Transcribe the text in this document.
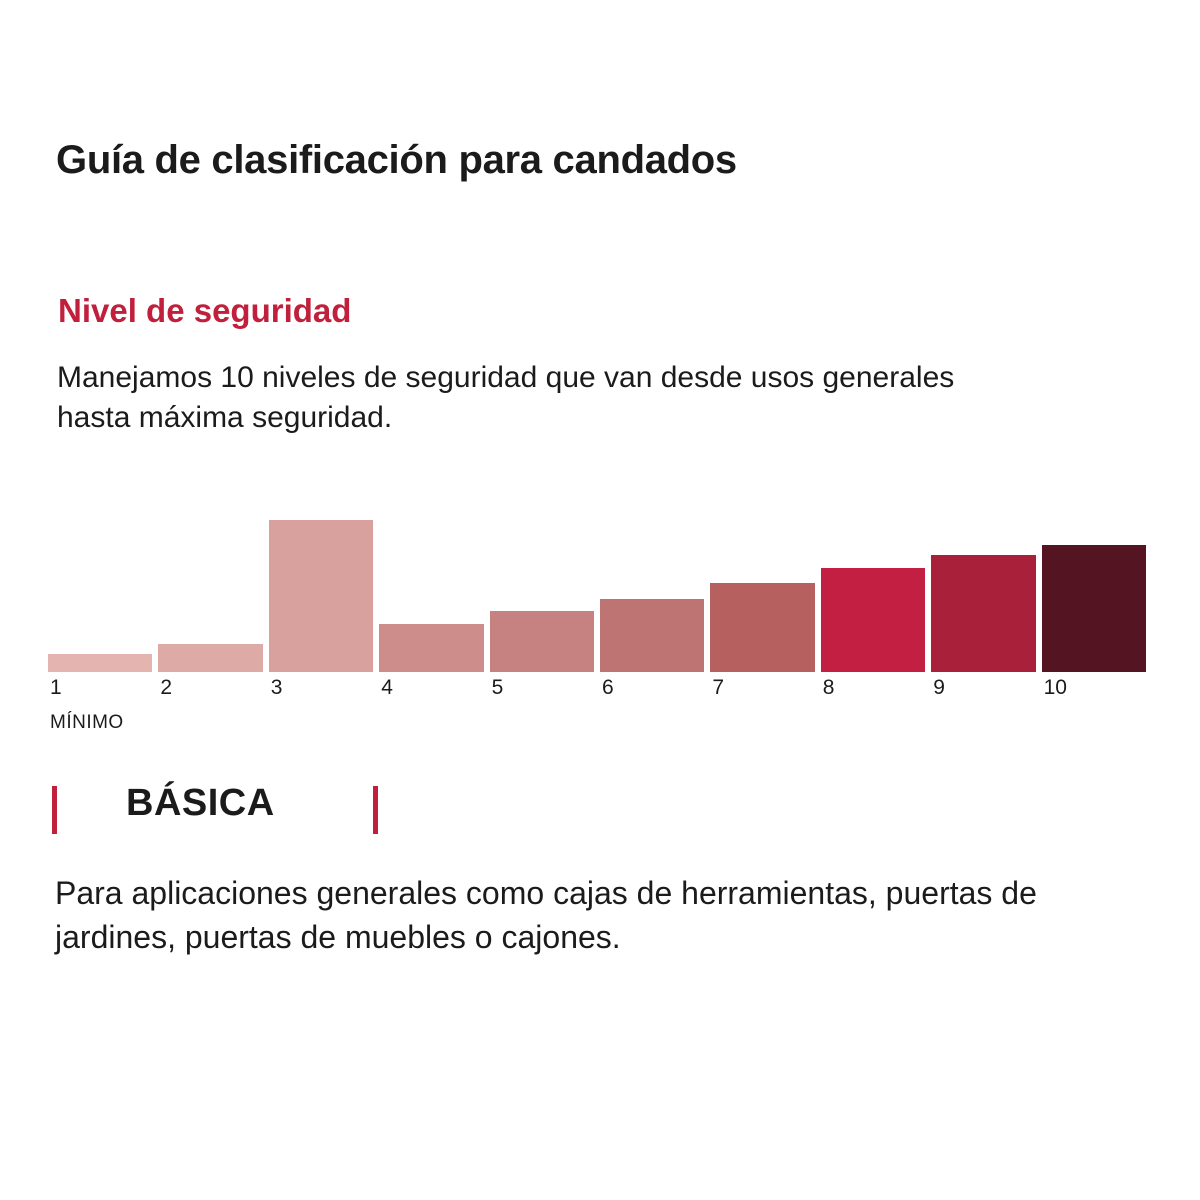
Guía de clasificación para candados
Nivel de seguridad
Manejamos 10 niveles de seguridad que van desde usos generales hasta máxima seguridad.
1	2	3	4	5	6	7	8	9	10
MÍNIMO
BÁSICA
Para aplicaciones generales como cajas de herramientas, puertas de jardines, puertas de muebles o cajones.
